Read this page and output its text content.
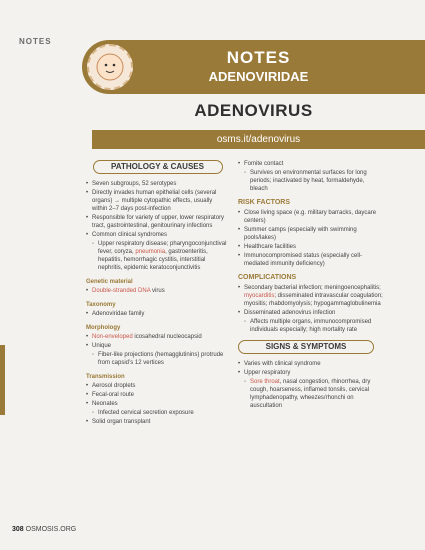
NOTES
NOTES
ADENOVIRIDAE
ADENOVIRUS
osms.it/adenovirus
PATHOLOGY & CAUSES
• Seven subgroups, 52 serotypes
• Directly invades human epithelial cells (several organs) → multiple cytopathic effects, usually within 2–7 days post-infection
• Responsible for variety of upper, lower respiratory tract, gastrointestinal, genitourinary infections
• Common clinical syndromes
◦ Upper respiratory disease; pharyngoconjunctival fever, coryza, pneumonia, gastroenteritis, hepatitis, hemorrhagic cystitis, interstitial nephritis, epidemic keratoconjunctivitis
Genetic material
• Double-stranded DNA virus
Taxonomy
• Adenoviridae family
Morphology
• Non-enveloped icosahedral nucleocapsid
• Unique
◦ Fiber-like projections (hemagglutinins) protrude from capsid’s 12 vertices
Transmission
• Aerosol droplets
• Fecal-oral route
• Neonates
◦ Infected cervical secretion exposure
• Solid organ transplant
• Fomite contact
◦ Survives on environmental surfaces for long periods; inactivated by heat, formaldehyde, bleach
RISK FACTORS
• Close living space (e.g. military barracks, daycare centers)
• Summer camps (especially with swimming pools/lakes)
• Healthcare facilities
• Immunocompromised status (especially cell-mediated immunity deficiency)
COMPLICATIONS
• Secondary bacterial infection; meningoencephalitis; myocarditis; disseminated intravascular coagulation; myositis; rhabdomyolysis; hypogammaglobulinemia
• Disseminated adenovirus infection
◦ Affects multiple organs, immunocompromised individuals especially; high mortality rate
SIGNS & SYMPTOMS
• Varies with clinical syndrome
• Upper respiratory
◦ Sore throat, nasal congestion, rhinorrhea, dry cough, hoarseness, inflamed tonsils, cervical lymphadenopathy, wheezes/rhonchi on auscultation
308 OSMOSIS.ORG
